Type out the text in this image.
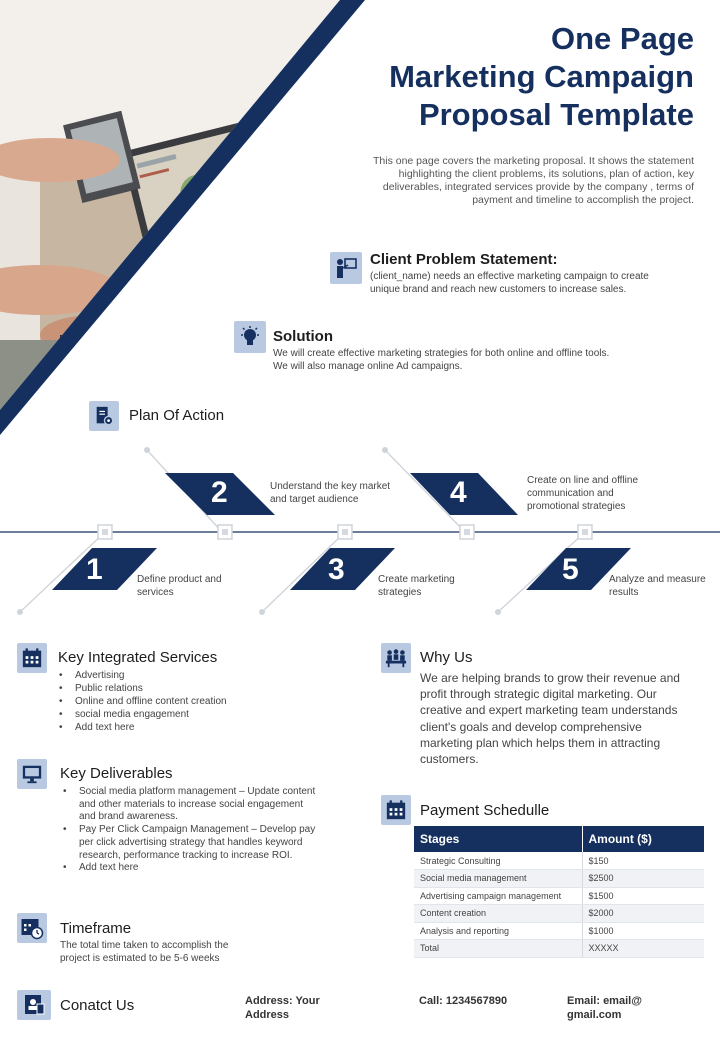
One Page
Marketing Campaign
Proposal Template
This one page covers the marketing proposal. It shows the statement highlighting the client problems, its solutions, plan of action, key deliverables, integrated services provide by the company , terms of payment and timeline to accomplish the project.
Client Problem Statement:
(client_name) needs an effective marketing campaign to create unique brand and reach new customers to increase sales.
Solution
We will create effective marketing strategies for both online and offline tools. We will also manage online Ad campaigns.
Plan Of Action
2	Understand the key market and target audience	4	Create on line and offline communication and promotional strategies
1	Define product and services
3	Create marketing strategies
5	Analyze and measure results
Key Integrated Services
• Advertising
• Public relations
• Online and offline content creation
• social media engagement
• Add text here
Key Deliverables
• Social media platform management – Update content and other materials to increase social engagement and brand awareness.
• Pay Per Click Campaign Management – Develop pay per click advertising strategy that handles keyword research, performance tracking to increase ROI.
• Add text here
Timeframe
The total time taken to accomplish the project is estimated to be 5-6 weeks
Why Us
We are helping brands to grow their revenue and profit through strategic digital marketing. Our creative and expert marketing team understands client's goals and develop comprehensive marketing plan which helps them in attracting customers.
Payment Schedulle
Stages	Amount ($)
Strategic Consulting	$150
Social media management	$2500
Advertising campaign management	$1500
Content creation	$2000
Analysis and reporting	$1000
Total	XXXXX
Conatct Us	Address: Your Address
Call: 1234567890	Email: email@ gmail.com
